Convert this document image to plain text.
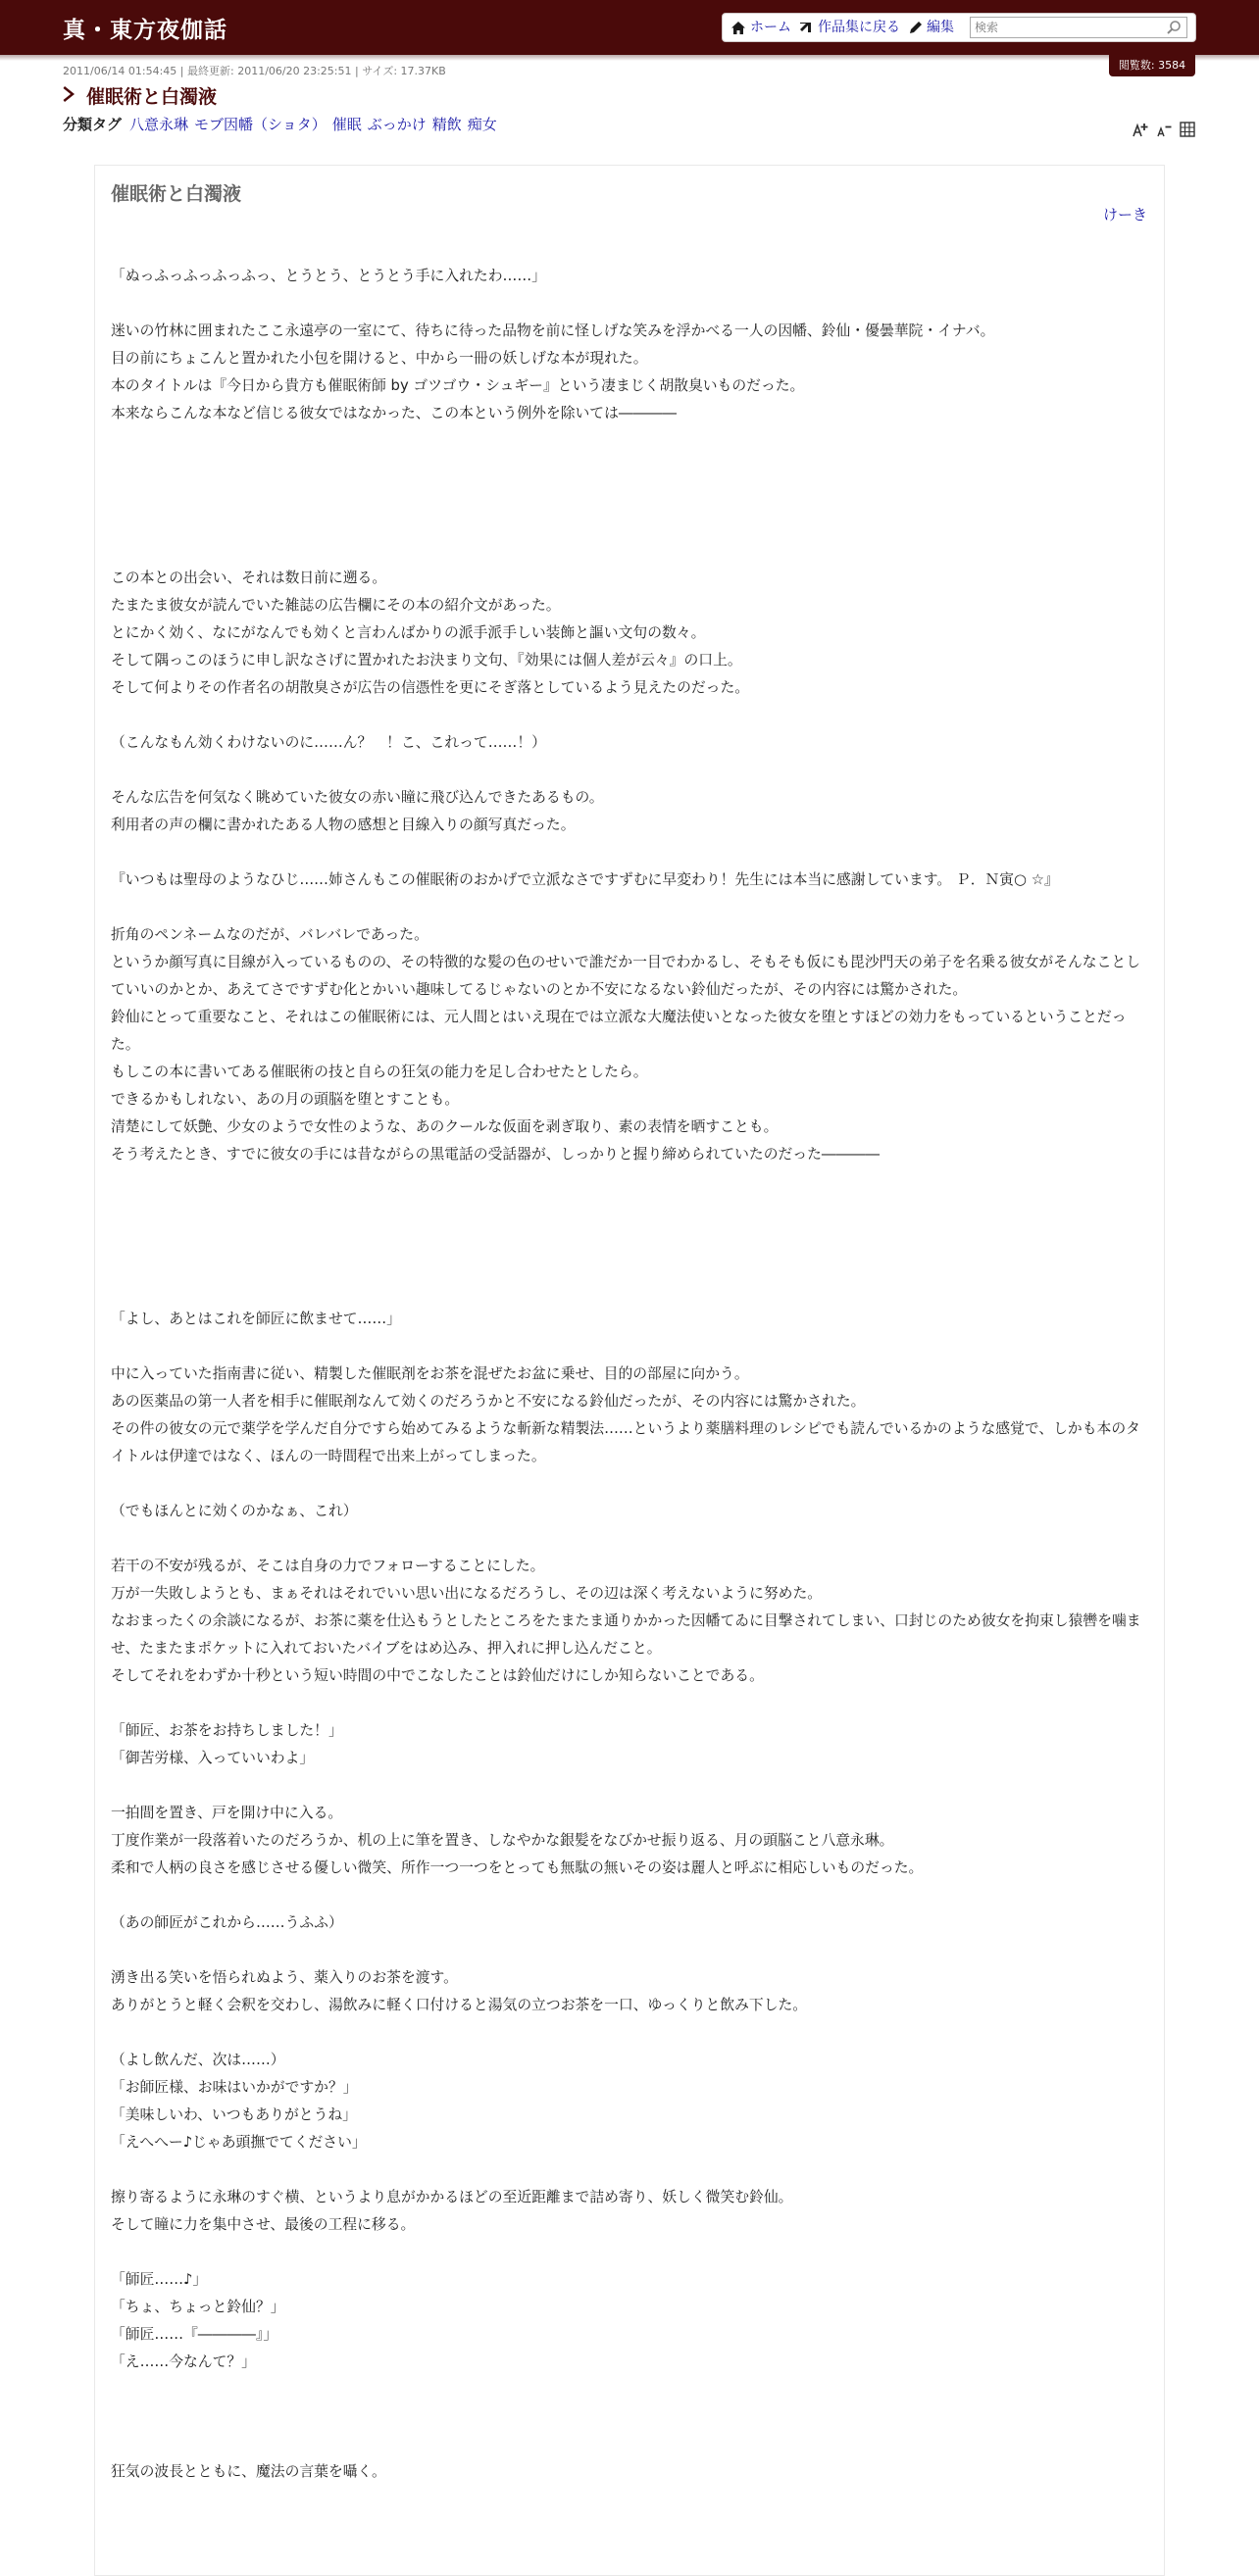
真・東方夜伽話	ホーム	作品集に戻る	編集
検索
閲覧数: 3584
2011/06/14 01:54:45 | 最終更新: 2011/06/20 23:25:51 | サイズ: 17.37KB
催眠術と白濁液
分類タグ 八意永琳 モブ因幡（ショタ） 催眠 ぶっかけ 精飲 痴女

催眠術と白濁液
けーき

「ぬっふっふっふっふっ、とうとう、とうとう手に入れたわ……」

迷いの竹林に囲まれたここ永遠亭の一室にて、待ちに待った品物を前に怪しげな笑みを浮かべる一人の因幡、鈴仙・優曇華院・イナバ。

目の前にちょこんと置かれた小包を開けると、中から一冊の妖しげな本が現れた。

本のタイトルは『今日から貴方も催眠術師 by ゴツゴウ・シュギー』という凄まじく胡散臭いものだった。

本来ならこんな本など信じる彼女ではなかった、この本という例外を除いては――――

この本との出会い、それは数日前に遡る。

たまたま彼女が読んでいた雑誌の広告欄にその本の紹介文があった。

とにかく効く、なにがなんでも効くと言わんばかりの派手派手しい装飾と謳い文句の数々。

そして隅っこのほうに申し訳なさげに置かれたお決まり文句、『効果には個人差が云々』の口上。

そして何よりその作者名の胡散臭さが広告の信憑性を更にそぎ落としているよう見えたのだった。

（こんなもん効くわけないのに……ん？　！こ、これって……！）

そんな広告を何気なく眺めていた彼女の赤い瞳に飛び込んできたあるもの。

利用者の声の欄に書かれたある人物の感想と目線入りの顔写真だった。

『いつもは聖母のようなひじ……姉さんもこの催眠術のおかげで立派なさですずむに早変わり！先生には本当に感謝しています。 Ｐ．Ｎ寅○ ☆』

折角のペンネームなのだが、バレバレであった。

というか顔写真に目線が入っているものの、その特徴的な髪の色のせいで誰だか一目でわかるし、そもそも仮にも毘沙門天の弟子を名乗る彼女がそんなことしていいのかとか、あえてさですずむ化とかいい趣味してるじゃないのとか不安になるない鈴仙だったが、その内容には驚かされた。

鈴仙にとって重要なこと、それはこの催眠術には、元人間とはいえ現在では立派な大魔法使いとなった彼女を堕とすほどの効力をもっているということだった。

もしこの本に書いてある催眠術の技と自らの狂気の能力を足し合わせたとしたら。

できるかもしれない、あの月の頭脳を堕とすことも。

清楚にして妖艶、少女のようで女性のような、あのクールな仮面を剥ぎ取り、素の表情を晒すことも。

そう考えたとき、すでに彼女の手には昔ながらの黒電話の受話器が、しっかりと握り締められていたのだった――――

「よし、あとはこれを師匠に飲ませて……」

中に入っていた指南書に従い、精製した催眠剤をお茶を混ぜたお盆に乗せ、目的の部屋に向かう。

あの医薬品の第一人者を相手に催眠剤なんて効くのだろうかと不安になる鈴仙だったが、その内容には驚かされた。

その件の彼女の元で薬学を学んだ自分ですら始めてみるような斬新な精製法……というより薬膳料理のレシピでも読んでいるかのような感覚で、しかも本のタイトルは伊達ではなく、ほんの一時間程で出来上がってしまった。

（でもほんとに効くのかなぁ、これ）

若干の不安が残るが、そこは自身の力でフォローすることにした。

万が一失敗しようとも、まぁそれはそれでいい思い出になるだろうし、その辺は深く考えないように努めた。

なおまったくの余談になるが、お茶に薬を仕込もうとしたところをたまたま通りかかった因幡てゐに目撃されてしまい、口封じのため彼女を拘束し猿轡を噛ませ、たまたまポケットに入れておいたバイブをはめ込み、押入れに押し込んだこと。

そしてそれをわずか十秒という短い時間の中でこなしたことは鈴仙だけにしか知らないことである。

「師匠、お茶をお持ちしました！」

「御苦労様、入っていいわよ」

一拍間を置き、戸を開け中に入る。

丁度作業が一段落着いたのだろうか、机の上に筆を置き、しなやかな銀髪をなびかせ振り返る、月の頭脳こと八意永琳。

柔和で人柄の良さを感じさせる優しい微笑、所作一つ一つをとっても無駄の無いその姿は麗人と呼ぶに相応しいものだった。

（あの師匠がこれから……うふふ）

湧き出る笑いを悟られぬよう、薬入りのお茶を渡す。

ありがとうと軽く会釈を交わし、湯飲みに軽く口付けると湯気の立つお茶を一口、ゆっくりと飲み下した。

（よし飲んだ、次は……）

「お師匠様、お味はいかがですか？」

「美味しいわ、いつもありがとうね」

「えへへー♪じゃあ頭撫でてください」

擦り寄るように永琳のすぐ横、というより息がかかるほどの至近距離まで詰め寄り、妖しく微笑む鈴仙。

そして瞳に力を集中させ、最後の工程に移る。

「師匠……♪」

「ちょ、ちょっと鈴仙？」

「師匠……『――――』」

「え……今なんて？」

狂気の波長とともに、魔法の言葉を囁く。
